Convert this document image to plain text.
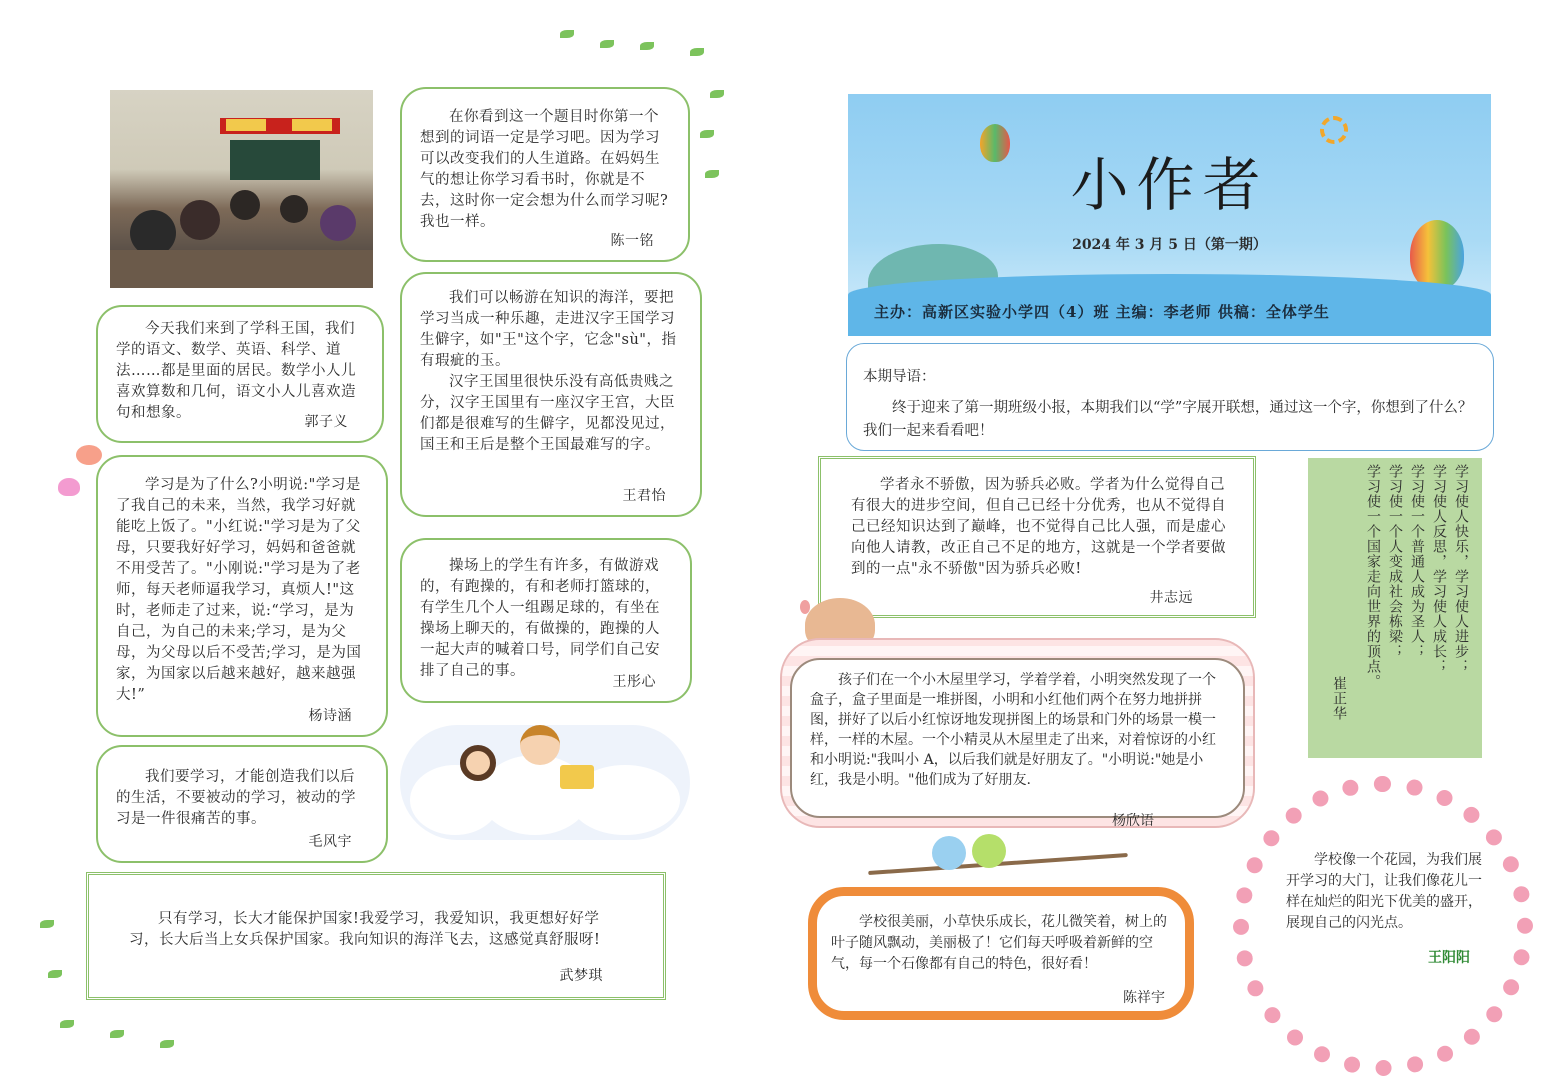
在你看到这一个题目时你第一个想到的词语一定是学习吧。因为学习可以改变我们的人生道路。在妈妈生气的想让你学习看书时，你就是不去，这时你一定会想为什么而学习呢?我也一样。

陈一铭

今天我们来到了学科王国，我们学的语文、数学、英语、科学、道法……都是里面的居民。数学小人儿喜欢算数和几何，语文小人儿喜欢造句和想象。

郭子义

我们可以畅游在知识的海洋，要把学习当成一种乐趣，走进汉字王国学习生僻字，如"王"这个字，它念"sù"，指有瑕疵的玉。

汉字王国里很快乐没有高低贵贱之分，汉字王国里有一座汉字王宫，大臣们都是很难写的生僻字，见都没见过，国王和王后是整个王国最难写的字。

王君怡

学习是为了什么?小明说:"学习是了我自己的未来，当然，我学习好就能吃上饭了。"小红说:"学习是为了父母，只要我好好学习，妈妈和爸爸就不用受苦了。"小刚说:"学习是为了老师，每天老师逼我学习，真烦人!"这时，老师走了过来，说:“学习，是为自己，为自己的未来;学习，是为父母，为父母以后不受苦;学习，是为国家，为国家以后越来越好，越来越强大!”

杨诗涵

操场上的学生有许多，有做游戏的，有跑操的，有和老师打篮球的，有学生几个人一组踢足球的，有坐在操场上聊天的，有做操的，跑操的人一起大声的喊着口号，同学们自己安排了自己的事。

王彤心

我们要学习，才能创造我们以后的生活，不要被动的学习，被动的学习是一件很痛苦的事。

毛风宇

只有学习，长大才能保护国家!我爱学习，我爱知识，我更想好好学习，长大后当上女兵保护国家。我向知识的海洋飞去，这感觉真舒服呀!

武梦琪
小作者
2024 年 3 月 5 日（第一期）
主办：高新区实验小学四（4）班 主编：李老师 供稿：全体学生

本期导语：

终于迎来了第一期班级小报，本期我们以“学”字展开联想，通过这一个字，你想到了什么？我们一起来看看吧！

学者永不骄傲，因为骄兵必败。学者为什么觉得自己有很大的进步空间，但自己已经十分优秀，也从不觉得自己已经知识达到了巅峰，也不觉得自己比人强，而是虚心向他人请教，改正自己不足的地方，这就是一个学者要做到的一点"永不骄傲"因为骄兵必败!

井志远	学习使人快乐，学习使人进步；
学习使人反思，学习使人成长；
学习使一个普通人成为圣人；
学习使一个人变成社会栋梁；
学习使一个国家走向世界的顶点。
崔正华

孩子们在一个小木屋里学习，学着学着，小明突然发现了一个盒子，盒子里面是一堆拼图，小明和小红他们两个在努力地拼拼图，拼好了以后小红惊讶地发现拼图上的场景和门外的场景一模一样，一样的木屋。一个小精灵从木屋里走了出来，对着惊讶的小红和小明说:"我叫小 A，以后我们就是好朋友了。"小明说:"她是小红，我是小明。"他们成为了好朋友.

杨欣语

学校很美丽，小草快乐成长，花儿微笑着，树上的叶子随风飘动，美丽极了！它们每天呼吸着新鲜的空气，每一个石像都有自己的特色，很好看！

陈祥宇

学校像一个花园，为我们展开学习的大门，让我们像花儿一样在灿烂的阳光下优美的盛开，展现自己的闪光点。

王阳阳
